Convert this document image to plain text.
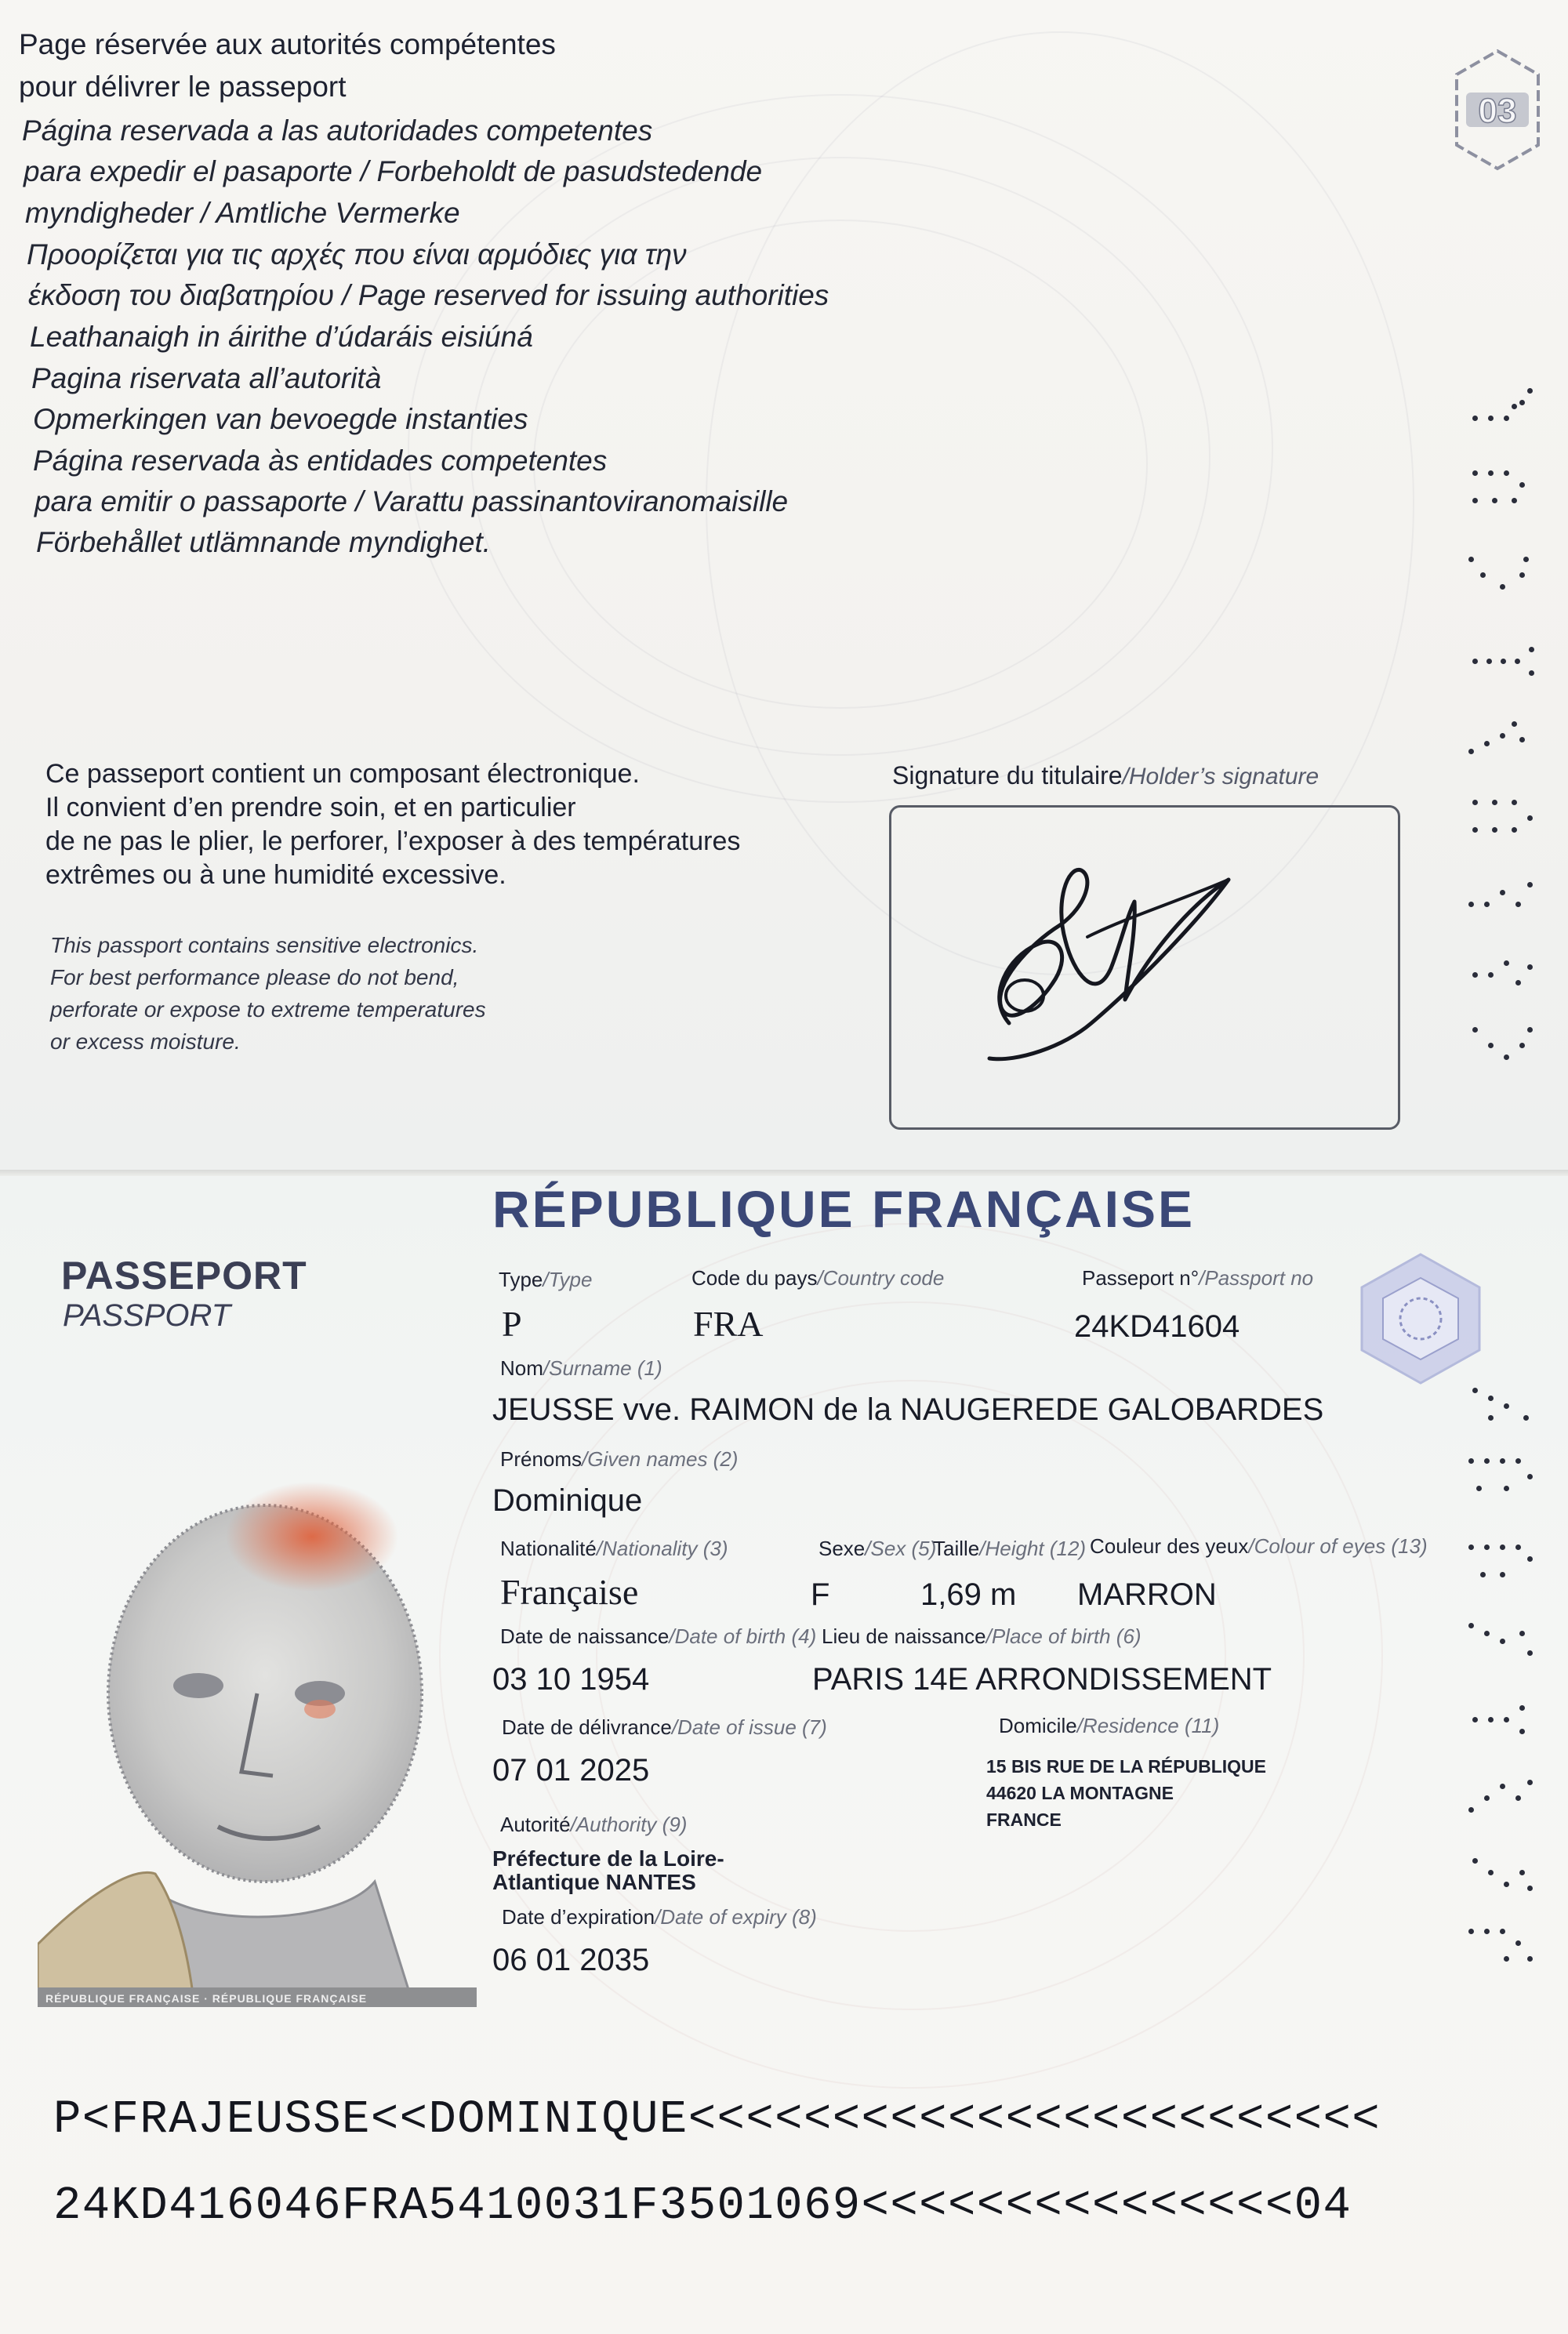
Page réservée aux autorités compétentes
pour délivrer le passeport
Página reservada a las autoridades competentes
para expedir el pasaporte / Forbeholdt de pasudstedende
myndigheder / Amtliche Vermerke
Προορίζεται για τις αρχές που είναι αρμόδιες για την
έκδοση του διαβατηρίου / Page reserved for issuing authorities
Leathanaigh in áirithe d’údaráis eisiúná
Pagina riservata all’autorità
Opmerkingen van bevoegde instanties
Página reservada às entidades competentes
para emitir o passaporte / Varattu passinantoviranomaisille
Förbehållet utlämnande myndighet.
03
Ce passeport contient un composant électronique.
Il convient d’en prendre soin, et en particulier
de ne pas le plier, le perforer, l’exposer à des températures
extrêmes ou à une humidité excessive.
This passport contains sensitive electronics.
For best performance please do not bend,
perforate or expose to extreme temperatures
or excess moisture.
Signature du titulaire/Holder’s signature
RÉPUBLIQUE FRANÇAISE
PASSEPORT
PASSPORT
Type/Type
P
Code du pays/Country code
FRA
Passeport n°/Passport no
24KD41604
Nom/Surname (1)
JEUSSE vve. RAIMON de la NAUGEREDE GALOBARDES
Prénoms/Given names (2)
Dominique
Nationalité/Nationality (3)
Française
Sexe/Sex (5)
F
Taille/Height (12)
1,69 m
Couleur des yeux/Colour of eyes (13)
MARRON
Date de naissance/Date of birth (4)
03 10 1954
Lieu de naissance/Place of birth (6)
PARIS 14E ARRONDISSEMENT
Date de délivrance/Date of issue (7)
07 01 2025
Domicile/Residence (11)
15 BIS RUE DE LA RÉPUBLIQUE
44620 LA MONTAGNE
FRANCE
Autorité/Authority (9)
Préfecture de la Loire-
Atlantique NANTES
Date d’expiration/Date of expiry (8)
06 01 2035
P<FRAJEUSSE<<DOMINIQUE<<<<<<<<<<<<<<<<<<<<<<<<
24KD416046FRA5410031F3501069<<<<<<<<<<<<<<<04
RÉPUBLIQUE FRANÇAISE · RÉPUBLIQUE FRANÇAISE
